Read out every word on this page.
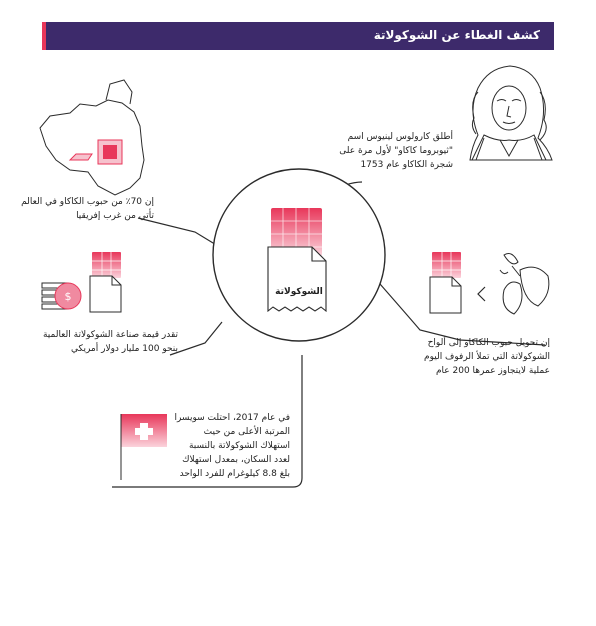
كشف الغطاء عن الشوكولاتة
$	الشوكولاتة
أطلق كارولوس لينيوس اسم
"ثيوبروما كاكاو" لأول مرة على
شجرة الكاكاو عام 1753
إن 70٪ من حبوب الكاكاو في العالم
تأتي من غرب إفريقيا
تقدر قيمة صناعة الشوكولاتة العالمية
بنحو 100 مليار دولار أمريكي
إن تحويل حبوب الكاكاو إلى ألواح
الشوكولاتة التي تملأ الرفوف اليوم
عملية لايتجاوز عمرها 200 عام
في عام 2017، احتلت سويسرا
المرتبة الأعلى من حيث
استهلاك الشوكولاتة بالنسبة
لعدد السكان، بمعدل استهلاك
بلغ 8.8 كيلوغرام للفرد الواحد
